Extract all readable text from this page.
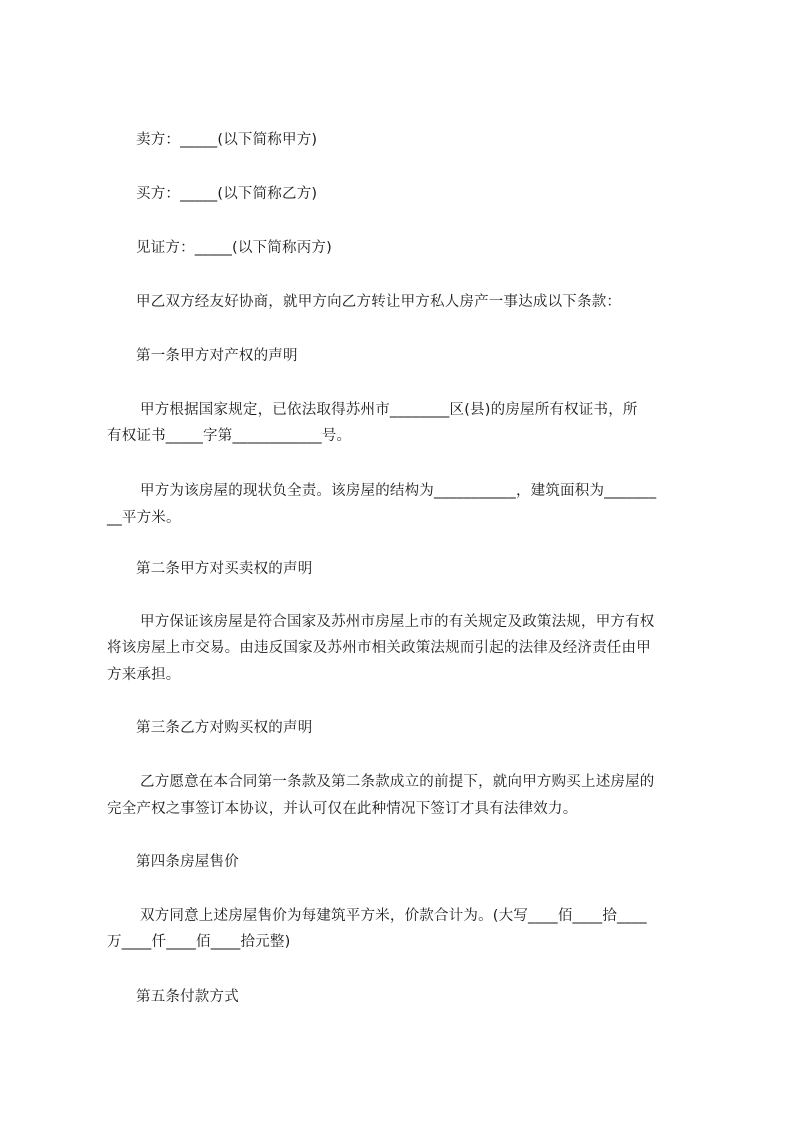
卖方：_____(以下简称甲方)
买方：_____(以下简称乙方)
见证方：_____(以下简称丙方)
甲乙双方经友好协商，就甲方向乙方转让甲方私人房产一事达成以下条款：
第一条甲方对产权的声明
甲方根据国家规定，已依法取得苏州市________区(县)的房屋所有权证书，所
有权证书_____字第____________号。
甲方为该房屋的现状负全责。该房屋的结构为___________，建筑面积为_______
__平方米。
第二条甲方对买卖权的声明
甲方保证该房屋是符合国家及苏州市房屋上市的有关规定及政策法规，甲方有权
将该房屋上市交易。由违反国家及苏州市相关政策法规而引起的法律及经济责任由甲
方来承担。
第三条乙方对购买权的声明
乙方愿意在本合同第一条款及第二条款成立的前提下，就向甲方购买上述房屋的
完全产权之事签订本协议，并认可仅在此种情况下签订才具有法律效力。
第四条房屋售价
双方同意上述房屋售价为每建筑平方米，价款合计为。(大写____佰____拾____
万____仟____佰____拾元整)
第五条付款方式
